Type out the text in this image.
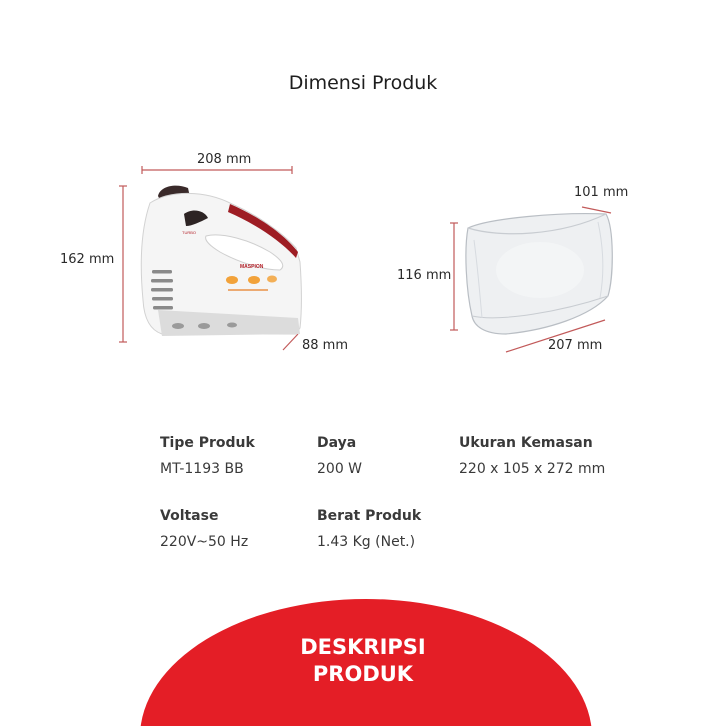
Dimensi Produk
MASPION
TURBO
208 mm
162 mm
88 mm
101 mm
116 mm
207 mm
Tipe Produk
MT-1193 BB
Daya
200 W
Ukuran Kemasan
220 x 105 x 272 mm
Voltase
220V~50 Hz
Berat Produk
1.43 Kg (Net.)
DESKRIPSI
PRODUK
